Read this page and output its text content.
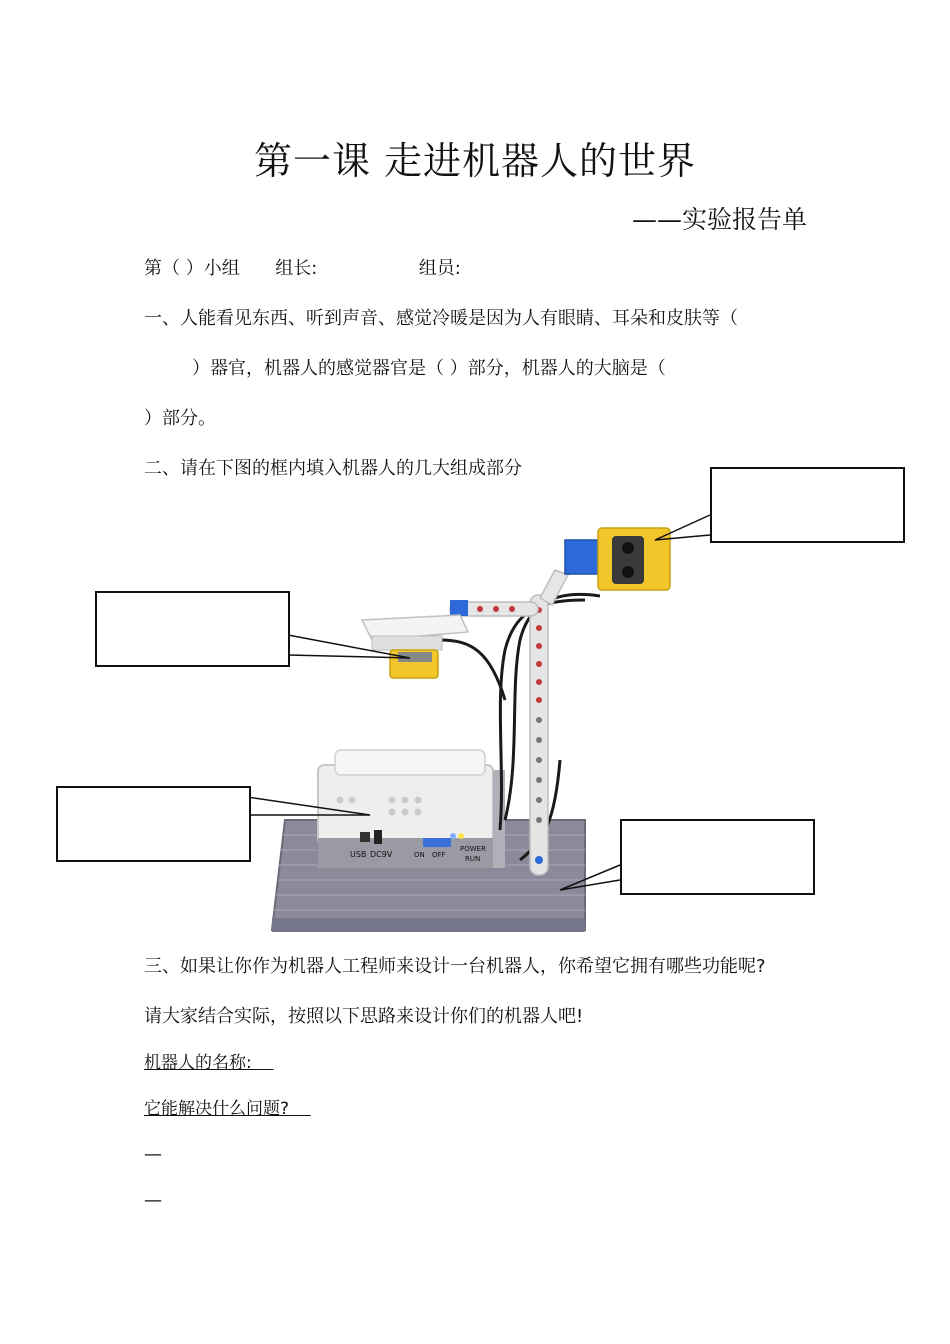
第一课 走进机器人的世界
——实验报告单
第（ ）小组 组长:	组员:
一、人能看见东西、听到声音、感觉冷暖是因为人有眼睛、耳朵和皮肤等（
）器官，机器人的感觉器官是（ ）部分，机器人的大脑是（
）部分。
二、请在下图的框内填入机器人的几大组成部分
USB DC9V	ON OFF
POWER
RUN
三、如果让你作为机器人工程师来设计一台机器人，你希望它拥有哪些功能呢?
请大家结合实际，按照以下思路来设计你们的机器人吧!
机器人的名称:
它能解决什么问题?
—
—
